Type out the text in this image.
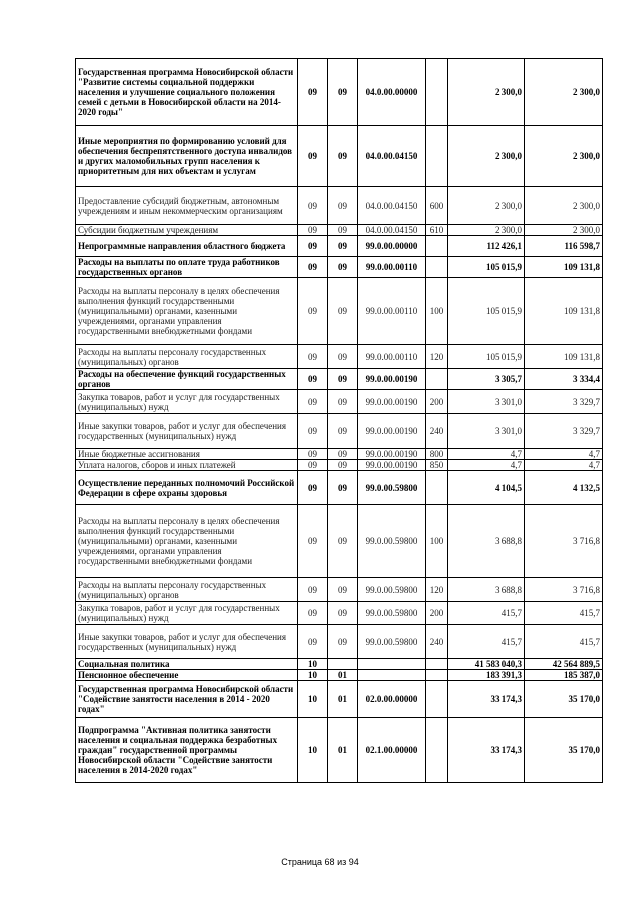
Государственная программа Новосибирской области "Развитие системы социальной поддержки населения и улучшение социального положения семей с детьми в Новосибирской области на 2014-2020 годы"	09	09	04.0.00.00000		2 300,0	2 300,0
Иные мероприятия по формированию условий для обеспечения беспрепятственного доступа инвалидов и других маломобильных групп населения к приоритетным для них объектам и услугам	09	09	04.0.00.04150		2 300,0	2 300,0
Предоставление субсидий бюджетным, автономным учреждениям и иным некоммерческим организациям	09	09	04.0.00.04150	600	2 300,0	2 300,0
Субсидии бюджетным учреждениям	09	09	04.0.00.04150	610	2 300,0	2 300,0
Непрограммные направления областного бюджета	09	09	99.0.00.00000		112 426,1	116 598,7
Расходы на выплаты по оплате труда работников государственных органов	09	09	99.0.00.00110		105 015,9	109 131,8
Расходы на выплаты персоналу в целях обеспечения выполнения функций государственными (муниципальными) органами, казенными учреждениями, органами управления государственными внебюджетными фондами	09	09	99.0.00.00110	100	105 015,9	109 131,8
Расходы на выплаты персоналу государственных (муниципальных) органов	09	09	99.0.00.00110	120	105 015,9	109 131,8
Расходы на обеспечение функций государственных органов	09	09	99.0.00.00190		3 305,7	3 334,4
Закупка товаров, работ и услуг для государственных (муниципальных) нужд	09	09	99.0.00.00190	200	3 301,0	3 329,7
Иные закупки товаров, работ и услуг для обеспечения государственных (муниципальных) нужд	09	09	99.0.00.00190	240	3 301,0	3 329,7
Иные бюджетные ассигнования	09	09	99.0.00.00190	800	4,7	4,7
Уплата налогов, сборов и иных платежей	09	09	99.0.00.00190	850	4,7	4,7
Осуществление переданных полномочий Российской Федерации в сфере охраны здоровья	09	09	99.0.00.59800		4 104,5	4 132,5
Расходы на выплаты персоналу в целях обеспечения выполнения функций государственными (муниципальными) органами, казенными учреждениями, органами управления государственными внебюджетными фондами	09	09	99.0.00.59800	100	3 688,8	3 716,8
Расходы на выплаты персоналу государственных (муниципальных) органов	09	09	99.0.00.59800	120	3 688,8	3 716,8
Закупка товаров, работ и услуг для государственных (муниципальных) нужд	09	09	99.0.00.59800	200	415,7	415,7
Иные закупки товаров, работ и услуг для обеспечения государственных (муниципальных) нужд	09	09	99.0.00.59800	240	415,7	415,7
Социальная политика	10				41 583 040,3	42 564 889,5
Пенсионное обеспечение	10	01			183 391,3	185 387,0
Государственная программа Новосибирской области "Содействие занятости населения в 2014 - 2020 годах"	10	01	02.0.00.00000		33 174,3	35 170,0
Подпрограмма "Активная политика занятости населения и социальная поддержка безработных граждан" государственной программы Новосибирской области "Содействие занятости населения в 2014-2020 годах"	10	01	02.1.00.00000		33 174,3	35 170,0
Страница 68 из 94
